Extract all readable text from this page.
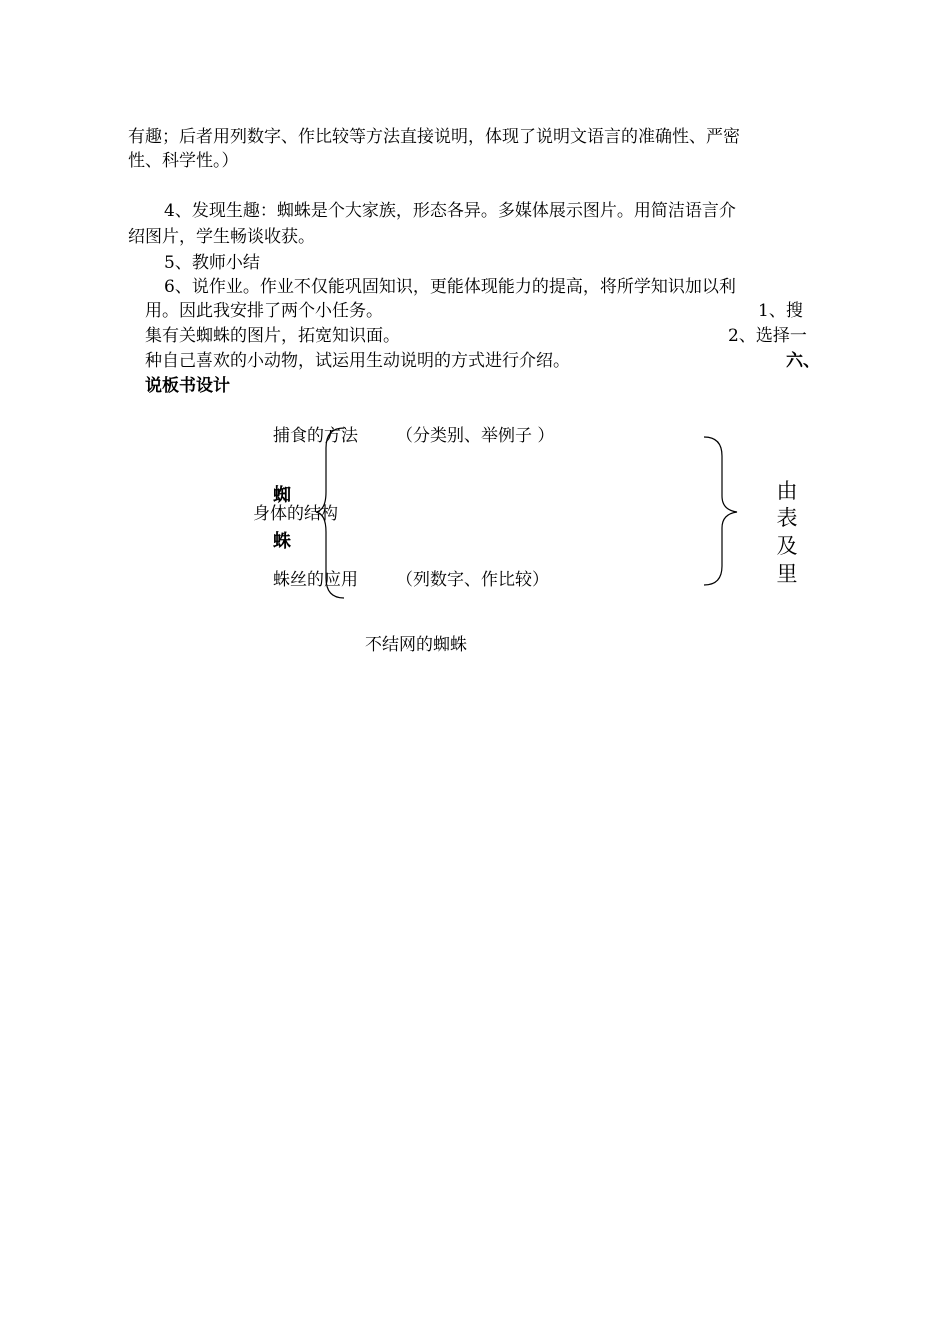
有趣；后者用列数字、作比较等方法直接说明，体现了说明文语言的准确性、严密
性、科学性。）
4、发现生趣：蜘蛛是个大家族，形态各异。多媒体展示图片。用简洁语言介
绍图片，学生畅谈收获。
5、教师小结
6、说作业。作业不仅能巩固知识，更能体现能力的提高，将所学知识加以利
用。因此我安排了两个小任务。	1、搜
集有关蜘蛛的图片，拓宽知识面。	2、选择一
种自己喜欢的小动物，试运用生动说明的方式进行介绍。	六、
说板书设计
捕食的方法 （分类别、举例子 ）
蜘
身体的结构
蛛
蛛丝的应用 （列数字、作比较）
由
表
及
里
不结网的蜘蛛
